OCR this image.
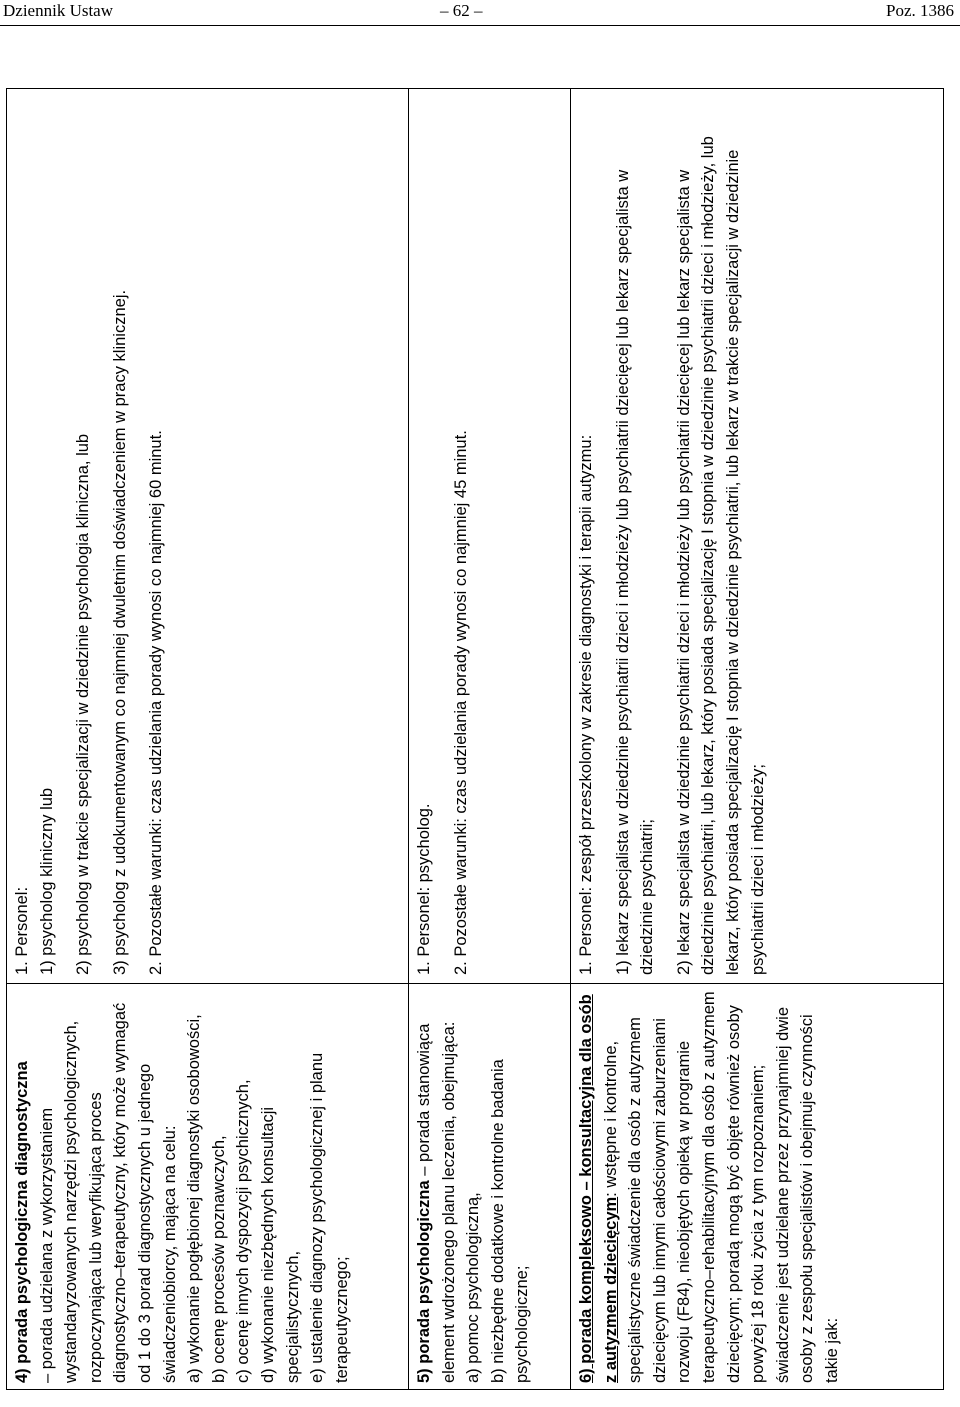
Dziennik Ustaw	– 62 –	Poz. 1386

4) porada psychologiczna diagnostyczna – porada udzielana z wykorzystaniem wystandaryzowanych narzędzi psychologicznych, rozpoczynająca lub weryfikująca proces diagnostyczno–terapeutyczny, który może wymagać od 1 do 3 porad diagnostycznych u jednego świadczeniobiorcy, mająca na celu: a) wykonanie pogłębionej diagnostyki osobowości, b) ocenę procesów poznawczych, c) ocenę innych dyspozycji psychicznych, d) wykonanie niezbędnych konsultacji specjalistycznych, e) ustalenie diagnozy psychologicznej i planu terapeutycznego;

1. Personel: 1) psycholog kliniczny lub 2) psycholog w trakcie specjalizacji w dziedzinie psychologia kliniczna, lub 3) psycholog z udokumentowanym co najmniej dwuletnim doświadczeniem w pracy klinicznej. 2. Pozostałe warunki: czas udzielania porady wynosi co najmniej 60 minut.

5) porada psychologiczna – porada stanowiąca element wdrożonego planu leczenia, obejmująca: a) pomoc psychologiczną, b) niezbędne dodatkowe i kontrolne badania psychologiczne;

1. Personel: psycholog. 2. Pozostałe warunki: czas udzielania porady wynosi co najmniej 45 minut.

6) porada kompleksowo – konsultacyjna dla osób z autyzmem dziecięcym: wstępne i kontrolne, specjalistyczne świadczenie dla osób z autyzmem dziecięcym lub innymi całościowymi zaburzeniami rozwoju (F84), nieobjętych opieką w programie terapeutyczno–rehabilitacyjnym dla osób z autyzmem dziecięcym; poradą mogą być objęte również osoby powyżej 18 roku życia z tym rozpoznaniem; świadczenie jest udzielane przez przynajmniej dwie osoby z zespołu specjalistów i obejmuje czynności takie jak:

1. Personel: zespół przeszkolony w zakresie diagnostyki i terapii autyzmu: 1) lekarz specjalista w dziedzinie psychiatrii dzieci i młodzieży lub psychiatrii dziecięcej lub lekarz specjalista w dziedzinie psychiatrii; 2) lekarz specjalista w dziedzinie psychiatrii dzieci i młodzieży lub psychiatrii dziecięcej lub lekarz specjalista w dziedzinie psychiatrii, lub lekarz, który posiada specjalizację I stopnia w dziedzinie psychiatrii dzieci i młodzieży, lub lekarz, który posiada specjalizację I stopnia w dziedzinie psychiatrii, lub lekarz w trakcie specjalizacji w dziedzinie psychiatrii dzieci i młodzieży;
